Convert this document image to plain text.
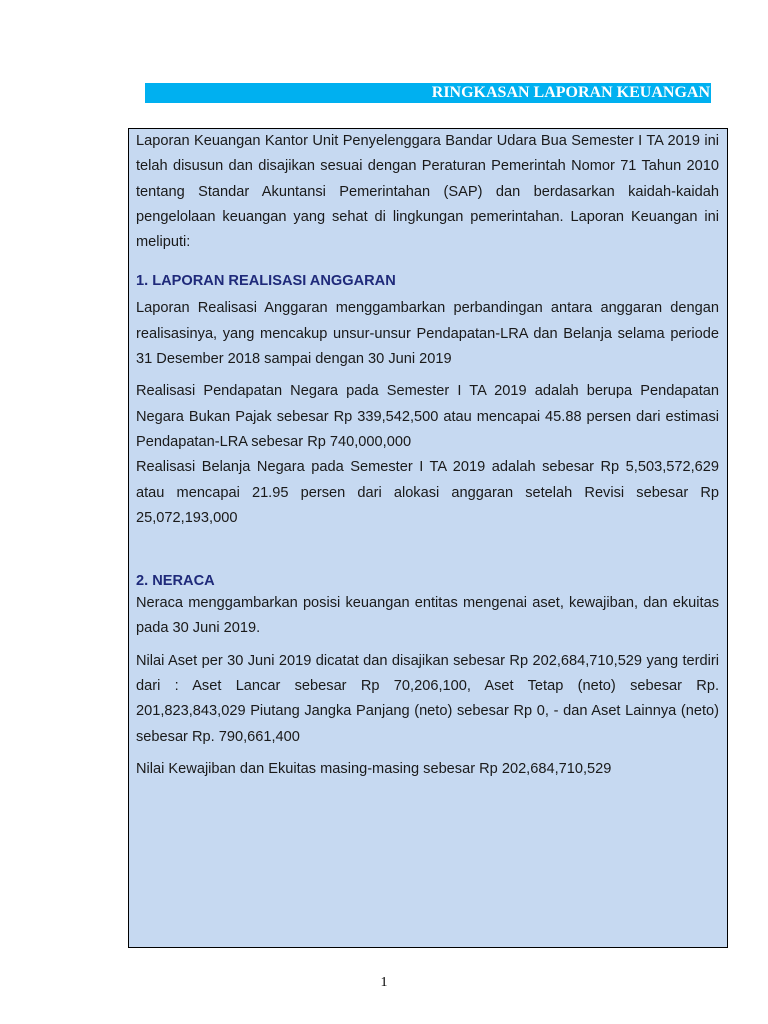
RINGKASAN LAPORAN KEUANGAN

Laporan Keuangan Kantor Unit Penyelenggara Bandar Udara Bua Semester I TA 2019 ini telah disusun dan disajikan sesuai dengan Peraturan Pemerintah Nomor 71 Tahun 2010 tentang Standar Akuntansi Pemerintahan (SAP) dan berdasarkan kaidah-kaidah pengelolaan keuangan yang sehat di lingkungan pemerintahan. Laporan Keuangan ini meliputi:

1. LAPORAN REALISASI ANGGARAN

Laporan Realisasi Anggaran menggambarkan perbandingan antara anggaran dengan realisasinya, yang mencakup unsur-unsur Pendapatan-LRA dan Belanja selama periode 31 Desember 2018 sampai dengan 30 Juni 2019

Realisasi Pendapatan Negara pada Semester I TA 2019 adalah berupa Pendapatan Negara Bukan Pajak sebesar Rp 339,542,500 atau mencapai 45.88 persen dari estimasi Pendapatan-LRA sebesar Rp 740,000,000

Realisasi Belanja Negara pada Semester I TA 2019 adalah sebesar Rp 5,503,572,629 atau mencapai 21.95 persen dari alokasi anggaran setelah Revisi sebesar Rp 25,072,193,000

2. NERACA

Neraca menggambarkan posisi keuangan entitas mengenai aset, kewajiban, dan ekuitas pada 30 Juni 2019.

Nilai Aset per 30 Juni 2019 dicatat dan disajikan sebesar Rp 202,684,710,529 yang terdiri dari : Aset Lancar sebesar Rp 70,206,100, Aset Tetap (neto) sebesar Rp. 201,823,843,029 Piutang Jangka Panjang (neto) sebesar Rp 0, - dan Aset Lainnya (neto) sebesar Rp. 790,661,400

Nilai Kewajiban dan Ekuitas masing-masing sebesar Rp 202,684,710,529

1
